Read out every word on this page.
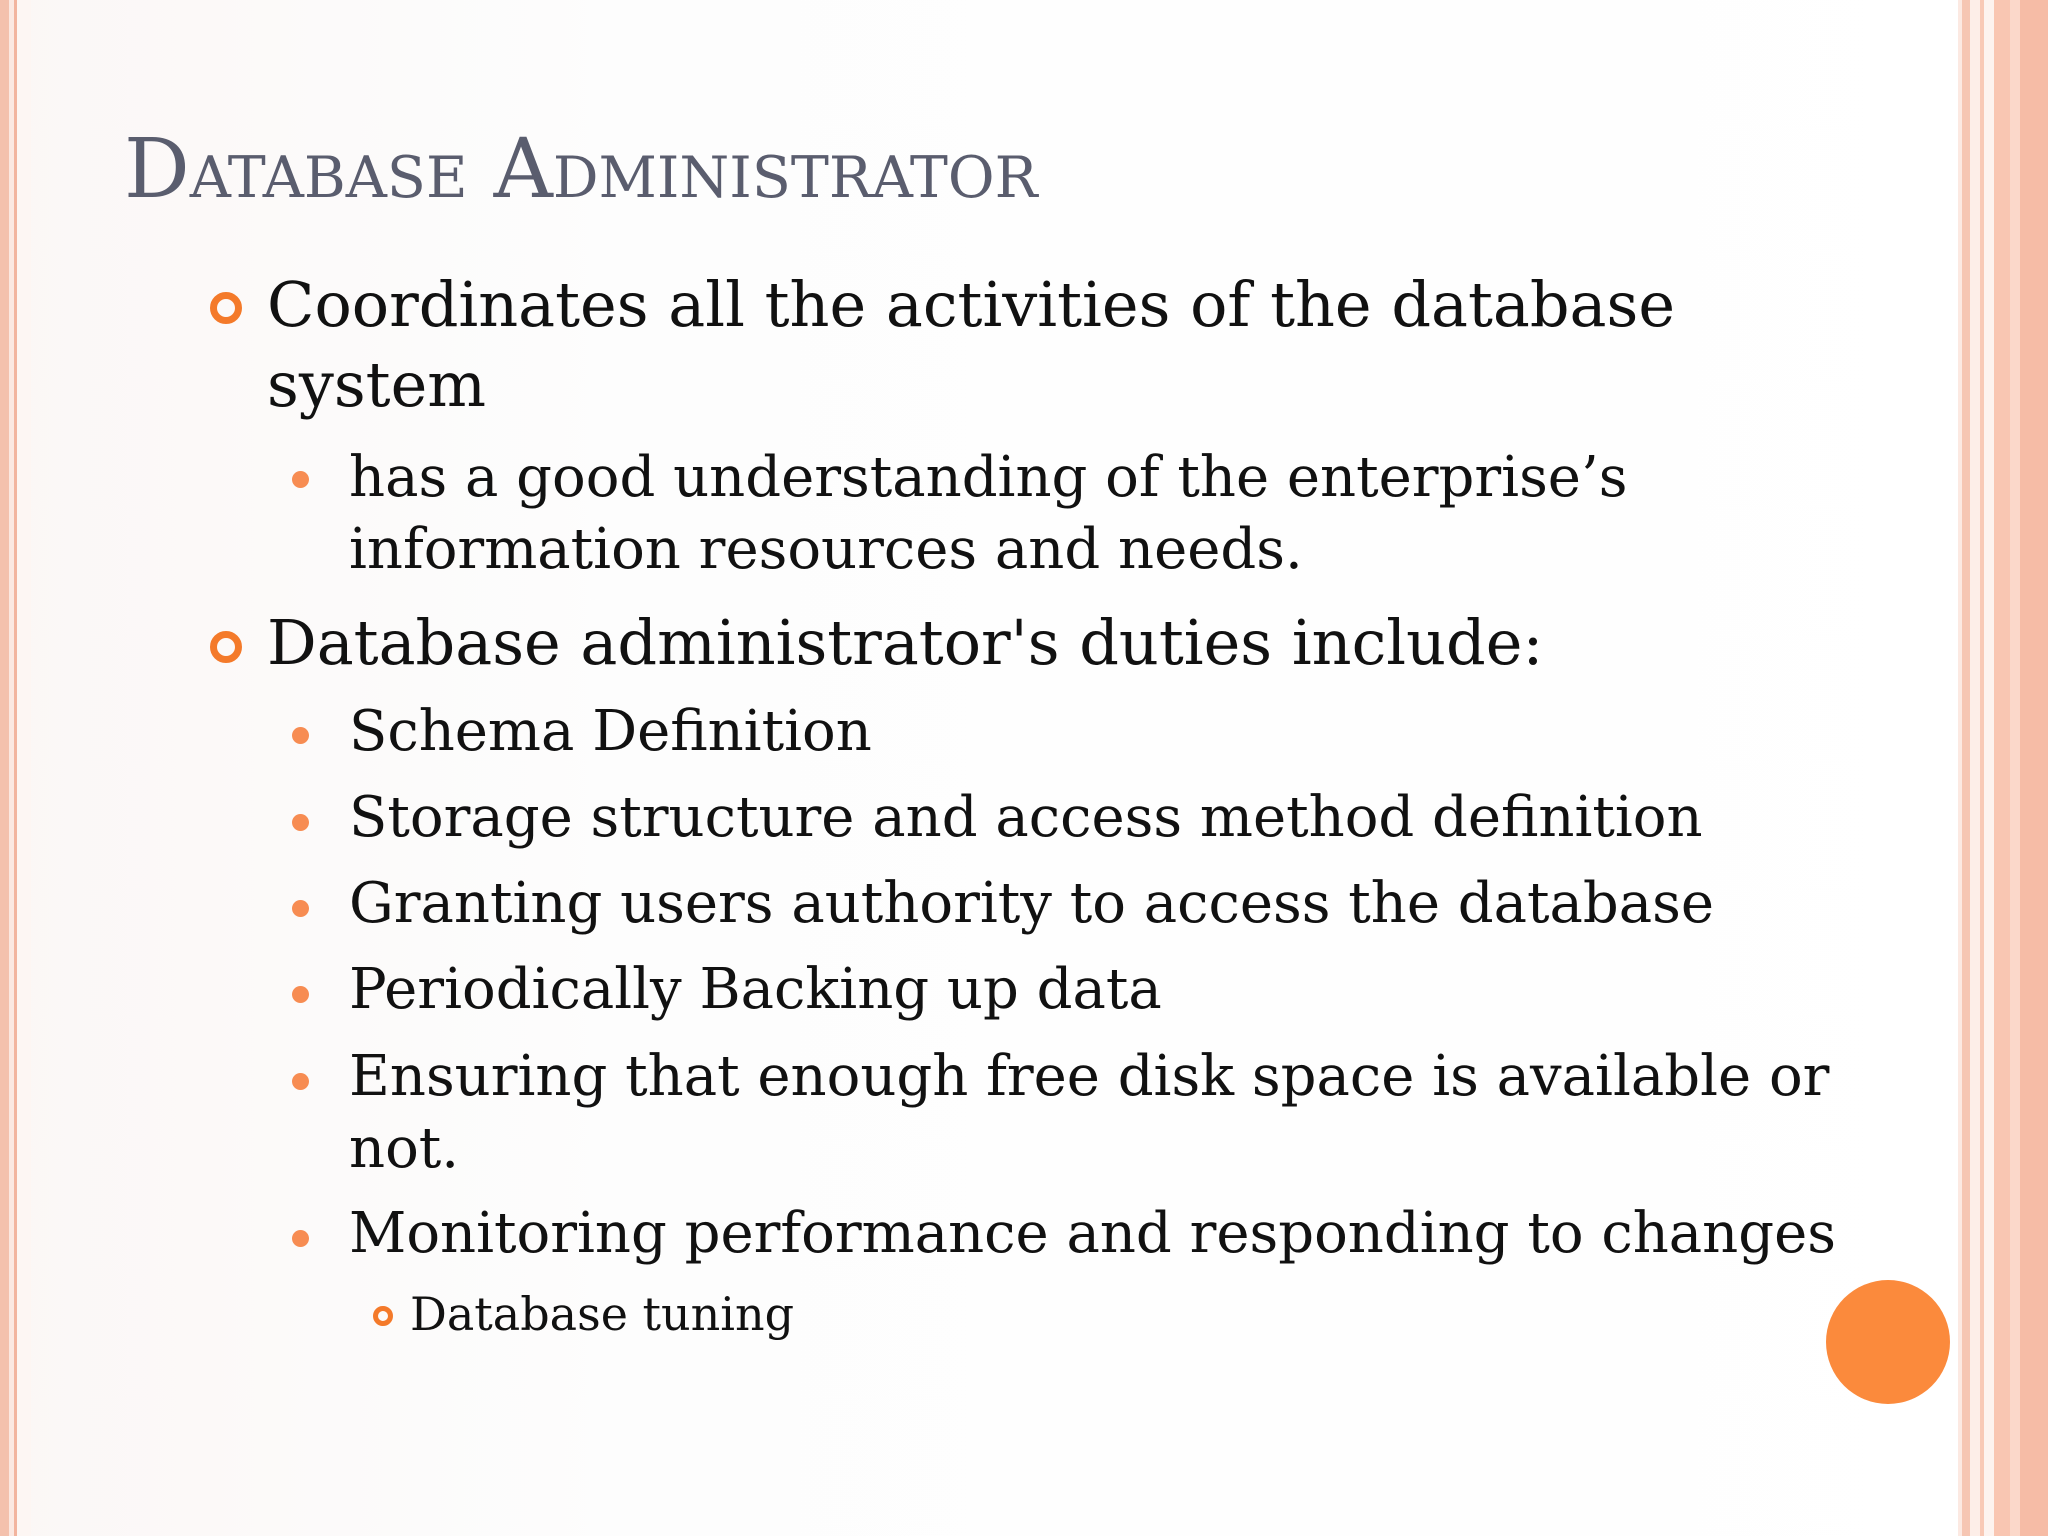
Database Administrator

Coordinates all the activities of the database system

has a good understanding of the enterprise’s information resources and needs.

Database administrator's duties include:

Schema Definition

Storage structure and access method definition

Granting users authority to access the database

Periodically Backing up data

Ensuring that enough free disk space is available or not.

Monitoring performance and responding to changes

Database tuning
